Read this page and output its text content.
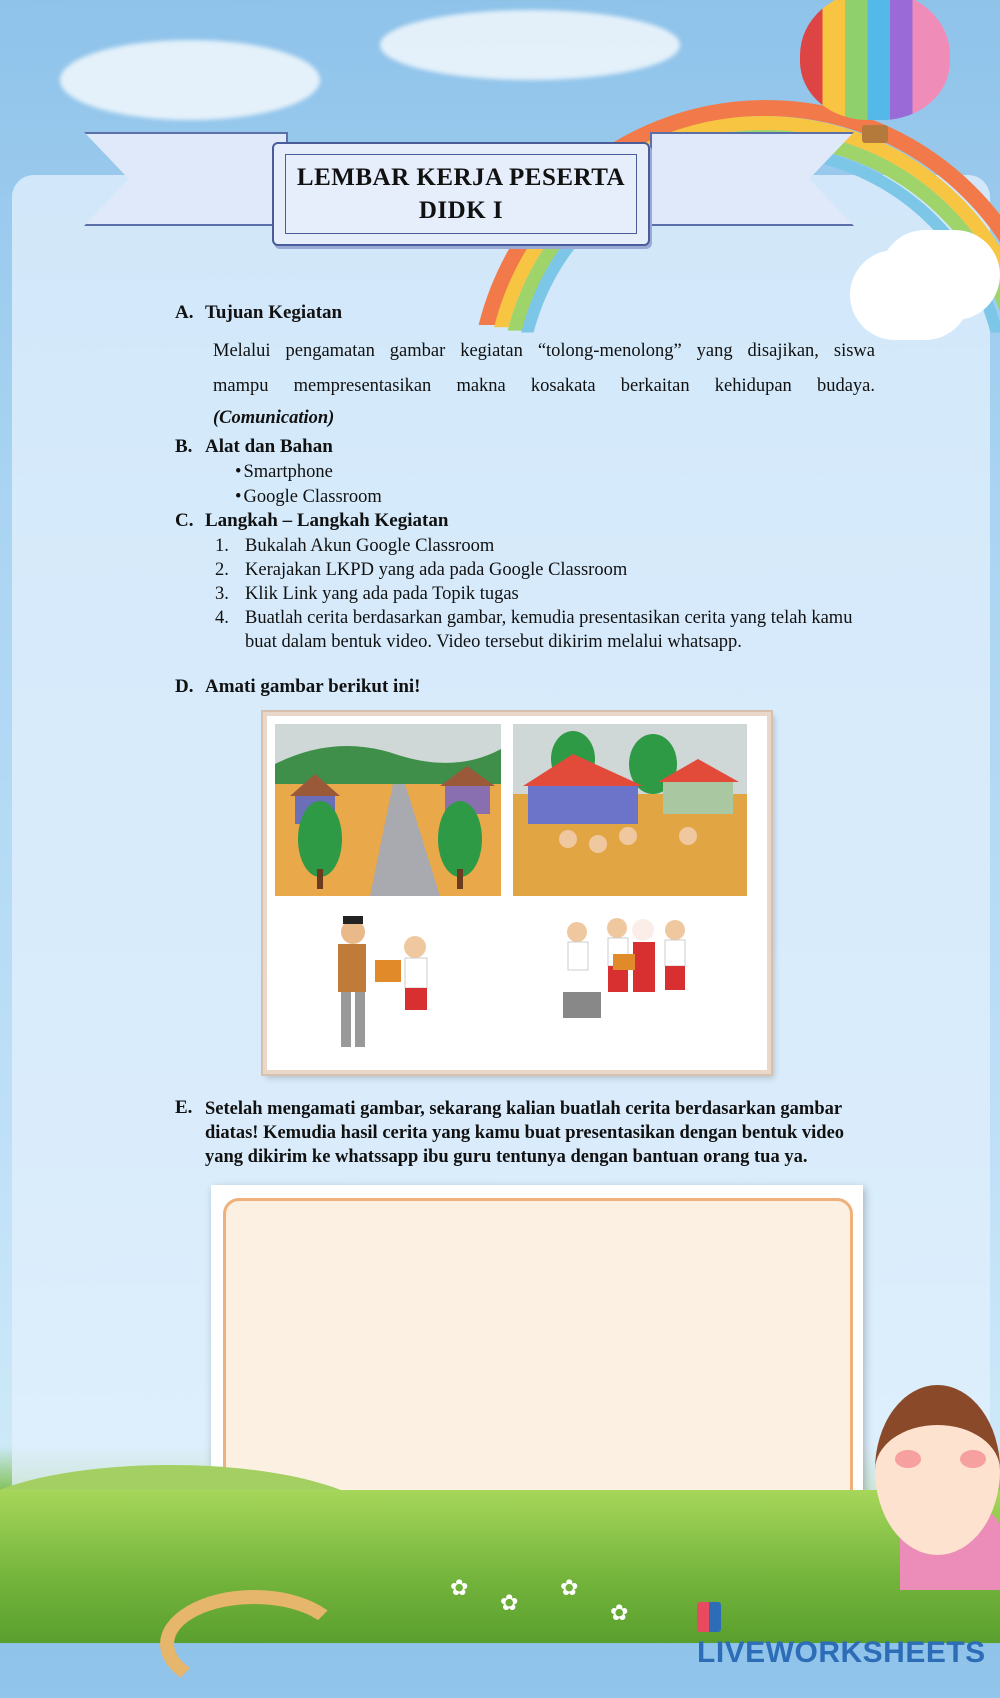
LEMBAR KERJA PESERTA
DIDK I
A. Tujuan Kegiatan
Melalui pengamatan gambar kegiatan “tolong-menolong” yang disajikan, siswa
mampu mempresentasikan makna kosakata berkaitan kehidupan budaya.
(Comunication)
B. Alat dan Bahan
• Smartphone
• Google Classroom
C. Langkah – Langkah Kegiatan
1. Bukalah Akun Google Classroom
2. Kerajakan LKPD yang ada pada Google Classroom
3. Klik Link yang ada pada Topik tugas
4. Buatlah cerita berdasarkan gambar, kemudia presentasikan cerita yang telah kamu buat dalam bentuk video. Video tersebut dikirim melalui whatsapp.
D. Amati gambar berikut ini!
E. Setelah mengamati gambar, sekarang kalian buatlah cerita berdasarkan gambar diatas! Kemudia hasil cerita yang kamu buat presentasikan dengan bentuk video yang dikirim ke whatssapp ibu guru tentunya dengan bantuan orang tua ya.
✿
✿
✿
✿
LIVEWORKSHEETS
